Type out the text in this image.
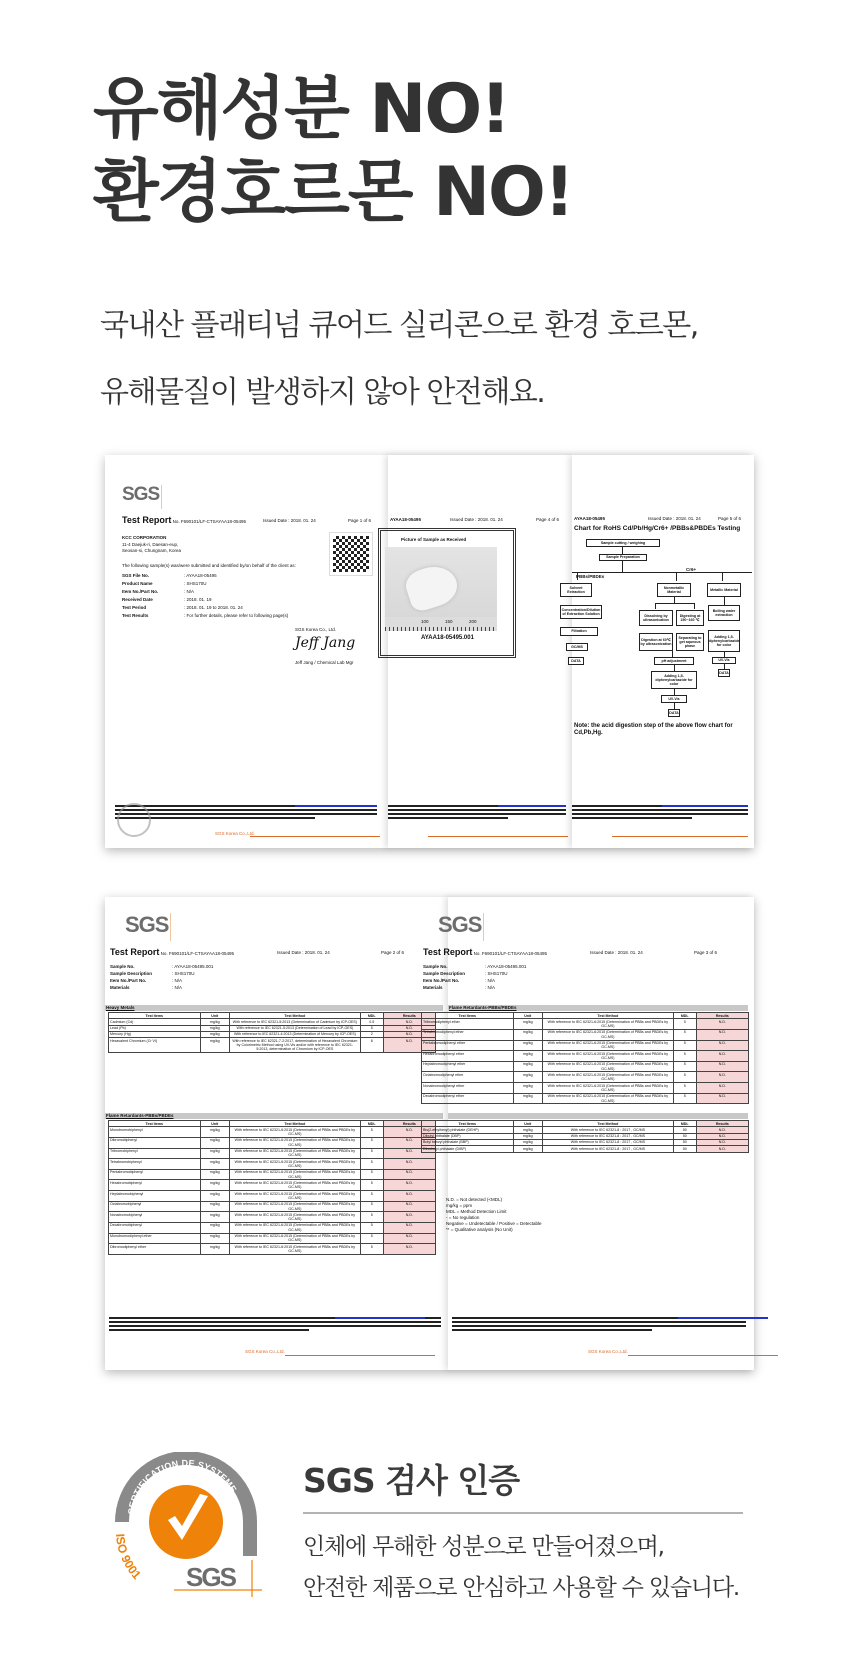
유해성분 NO!
환경호르몬 NO!
국내산 플래티넘 큐어드 실리콘으로 환경 호르몬,
유해물질이 발생하지 않아 안전해요.
SGS
Test Report No. F690101/LF-CTSAYAA18-05495	Issued Date : 2018. 01. 24	Page 1 of 6
KCC CORPORATION
11-4 Daejuk-ri, Daesan-eup, Seosan-si, Chungnam, Korea
The following sample(s) was/were submitted and identified by/on behalf of the client as:
SGS File No.	: AYAA18-05495
Product Name	: SHS170U
Item No./Part No.	: N/A
Received Date	: 2018. 01. 19
Test Period	: 2018. 01. 19 to 2018. 01. 24
Test Results	: For further details, please refer to following page(s)
SGS Korea Co., Ltd.
Jeff Jang
Jeff Jang / Chemical Lab Mgr
SGS Korea Co.,Ltd.
AYAA18-05495	Issued Date : 2018. 01. 24	Page 4 of 6
Picture of Sample as Received
100	150	200
AYAA18-05495.001
AYAA18-05495	Issued Date : 2018. 01. 24	Page 5 of 6
Chart for RoHS Cd/Pb/Hg/Cr6+ /PBBs&PBDEs Testing
Sample cutting / weighing
Sample Preparation
PBBs/PBDEs
Cr6+
Solvent Extraction
Concentration/Dilution of Extraction Solution
Filtration
GC/MS
DATA
Nonmetallic Material
Metallic Material
Dissolving by ultrasonication
Digesting at 150~160 ℃
Boiling water extraction
Digestion at 60℃ by ultrasonication
Separating to get aqueous phase
Adding 1,5-diphenylcarbazide for color
pH adjustment
Adding 1,5-diphenylcarbazide for color
UV-Vis
DATA
UV-Vis
DATA
Note: the acid digestion step of the above flow chart for Cd,Pb,Hg.
SGS
Test Report No. F690101/LF-CTSAYAA18-05495	Issued Date : 2018. 01. 24	Page 2 of 6
Sample No.	: AYAA18-05495.001
Sample Description	: SHS170U
Item No./Part No.	: N/A
Materials	: N/A
Heavy Metals
Test Items	Unit	Test Method	MDL	Results
Cadmium (Cd)	mg/kg	With reference to IEC 62321-5:2013 (Determination of Cadmium by ICP-OES)	0.5	N.D.
Lead (Pb)	mg/kg	With reference to IEC 62321-5:2013 (Determination of Lead by ICP-OES)	5	N.D.
Mercury (Hg)	mg/kg	With reference to IEC 62321-4:2013 (Determination of Mercury by ICP-OES)	2	N.D.
Hexavalent Chromium (Cr VI)	mg/kg	With reference to IEC 62321-7-2:2017, determination of Hexavalent Chromium by Colorimetric Method using UV-Vis and/or with reference to IEC 62321-5:2013, determination of Chromium by ICP-OES	8	N.D.
Flame Retardants-PBBs/PBDEs
Test Items	Unit	Test Method	MDL	Results
Monobromobiphenyl	mg/kg	With reference to IEC 62321-6:2015 (Determination of PBBs and PBDEs by GC-MS)	5	N.D.
Dibromobiphenyl	mg/kg	With reference to IEC 62321-6:2015 (Determination of PBBs and PBDEs by GC-MS)	5	N.D.
Tribromobiphenyl	mg/kg	With reference to IEC 62321-6:2015 (Determination of PBBs and PBDEs by GC-MS)	5	N.D.
Tetrabromobiphenyl	mg/kg	With reference to IEC 62321-6:2015 (Determination of PBBs and PBDEs by GC-MS)	5	N.D.
Pentabromobiphenyl	mg/kg	With reference to IEC 62321-6:2015 (Determination of PBBs and PBDEs by GC-MS)	5	N.D.
Hexabromobiphenyl	mg/kg	With reference to IEC 62321-6:2015 (Determination of PBBs and PBDEs by GC-MS)	5	N.D.
Heptabromobiphenyl	mg/kg	With reference to IEC 62321-6:2015 (Determination of PBBs and PBDEs by GC-MS)	5	N.D.
Octabromobiphenyl	mg/kg	With reference to IEC 62321-6:2015 (Determination of PBBs and PBDEs by GC-MS)	5	N.D.
Nonabromobiphenyl	mg/kg	With reference to IEC 62321-6:2015 (Determination of PBBs and PBDEs by GC-MS)	5	N.D.
Decabromobiphenyl	mg/kg	With reference to IEC 62321-6:2015 (Determination of PBBs and PBDEs by GC-MS)	5	N.D.
Monobromodiphenyl ether	mg/kg	With reference to IEC 62321-6:2015 (Determination of PBBs and PBDEs by GC-MS)	5	N.D.
Dibromodiphenyl ether	mg/kg	With reference to IEC 62321-6:2015 (Determination of PBBs and PBDEs by GC-MS)	5	N.D.
SGS Korea Co.,Ltd.
SGS
Test Report No. F690101/LF-CTSAYAA18-05495	Issued Date : 2018. 01. 24	Page 3 of 6
Sample No.	: AYAA18-05495.001
Sample Description	: SHS170U
Item No./Part No.	: N/A
Materials	: N/A
Flame Retardants-PBBs/PBDEs
Test Items	Unit	Test Method	MDL	Results
Tribromodiphenyl ether	mg/kg	With reference to IEC 62321-6:2015 (Determination of PBBs and PBDEs by GC-MS)	5	N.D.
Tetrabromodiphenyl ether	mg/kg	With reference to IEC 62321-6:2015 (Determination of PBBs and PBDEs by GC-MS)	5	N.D.
Pentabromodiphenyl ether	mg/kg	With reference to IEC 62321-6:2015 (Determination of PBBs and PBDEs by GC-MS)	5	N.D.
Hexabromodiphenyl ether	mg/kg	With reference to IEC 62321-6:2015 (Determination of PBBs and PBDEs by GC-MS)	5	N.D.
Heptabromodiphenyl ether	mg/kg	With reference to IEC 62321-6:2015 (Determination of PBBs and PBDEs by GC-MS)	5	N.D.
Octabromodiphenyl ether	mg/kg	With reference to IEC 62321-6:2015 (Determination of PBBs and PBDEs by GC-MS)	5	N.D.
Nonabromodiphenyl ether	mg/kg	With reference to IEC 62321-6:2015 (Determination of PBBs and PBDEs by GC-MS)	5	N.D.
Decabromodiphenyl ether	mg/kg	With reference to IEC 62321-6:2015 (Determination of PBBs and PBDEs by GC-MS)	5	N.D.
Test Items	Unit	Test Method	MDL	Results
Bis(2-ethylhexyl) phthalate (DEHP)	mg/kg	With reference to IEC 62321-8 : 2017 , GC/MS	50	N.D.
Dibutyl phthalate (DBP)	mg/kg	With reference to IEC 62321-8 : 2017 , GC/MS	50	N.D.
Butyl benzyl phthalate (BBP)	mg/kg	With reference to IEC 62321-8 : 2017 , GC/MS	50	N.D.
Diisobutyl phthalate (DIBP)	mg/kg	With reference to IEC 62321-8 : 2017 , GC/MS	50	N.D.
SGS Korea Co.,Ltd.
N.D. = Not detected (<MDL)
mg/kg = ppm
MDL = Method Detection Limit
- = No regulation
Negative = Undetectable / Positive = Detectable
** = Qualitative analysis (No Unit)
CERTIFICATION DE SYSTEME
ISO 9001 SGS
SGS 검사 인증
인체에 무해한 성분으로 만들어졌으며,
안전한 제품으로 안심하고 사용할 수 있습니다.
